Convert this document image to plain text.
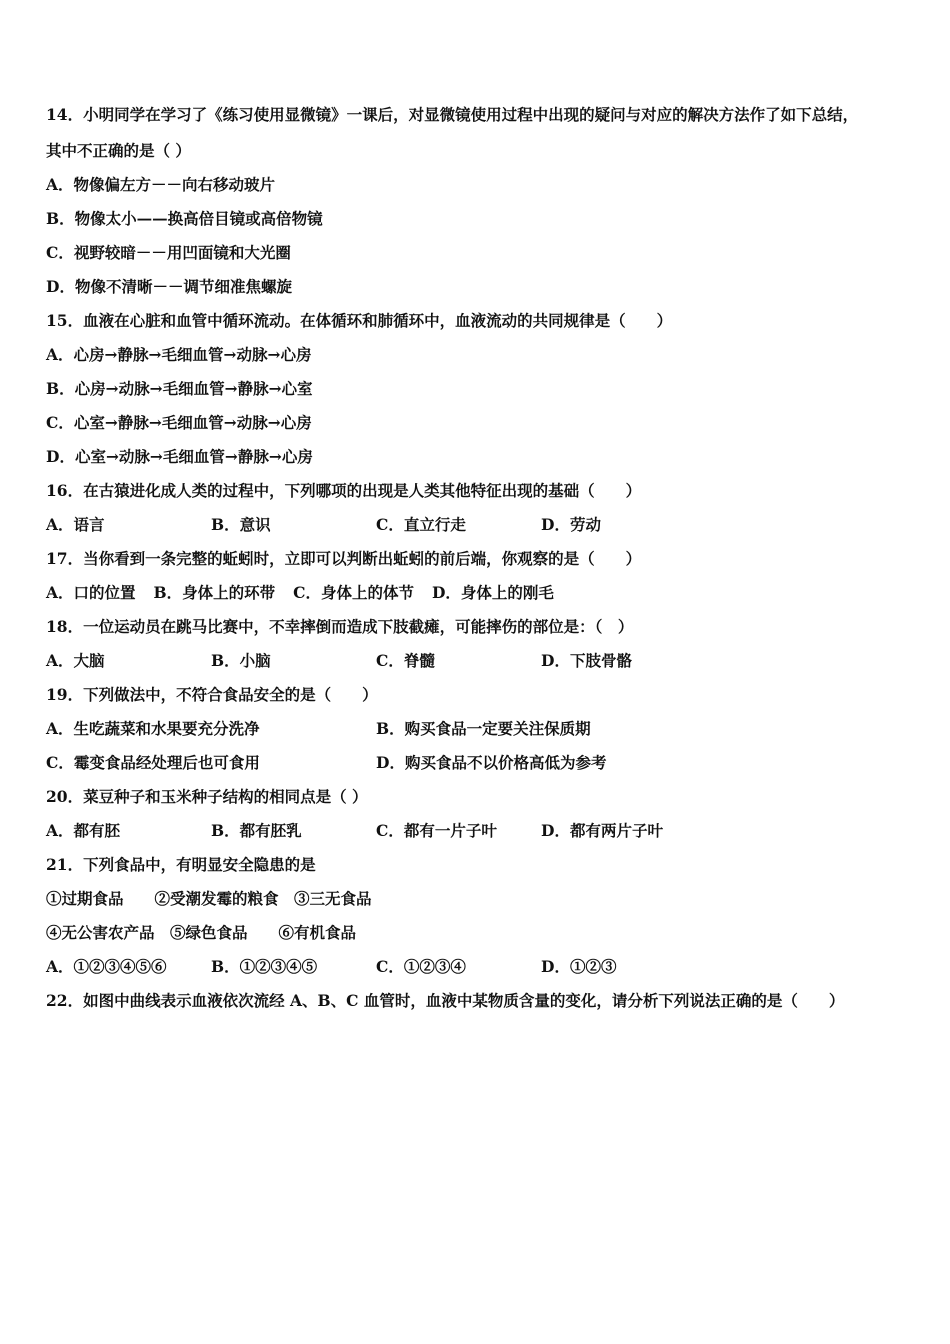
14．小明同学在学习了《练习使用显微镜》一课后，对显微镜使用过程中出现的疑问与对应的解决方法作了如下总结，
其中不正确的是（ ）
A．物像偏左方－－向右移动玻片
B．物像太小——换高倍目镜或高倍物镜
C．视野较暗－－用凹面镜和大光圈
D．物像不清晰－－调节细准焦螺旋
15．血液在心脏和血管中循环流动。在体循环和肺循环中，血液流动的共同规律是（　　）
A．心房→静脉→毛细血管→动脉→心房
B．心房→动脉→毛细血管→静脉→心室
C．心室→静脉→毛细血管→动脉→心房
D．心室→动脉→毛细血管→静脉→心房
16．在古猿进化成人类的过程中，下列哪项的出现是人类其他特征出现的基础（　　）
A．语言	B．意识	C．直立行走	D．劳动
17．当你看到一条完整的蚯蚓时，立即可以判断出蚯蚓的前后端，你观察的是（　　）
A．口的位置 B．身体上的环带 C．身体上的体节 D．身体上的刚毛
18．一位运动员在跳马比赛中，不幸摔倒而造成下肢截瘫，可能摔伤的部位是：（　）
A．大脑	B．小脑	C．脊髓	D．下肢骨骼
19．下列做法中，不符合食品安全的是（　　）
A．生吃蔬菜和水果要充分洗净	B．购买食品一定要关注保质期
C．霉变食品经处理后也可食用	D．购买食品不以价格高低为参考
20．菜豆种子和玉米种子结构的相同点是（ ）
A．都有胚	B．都有胚乳	C．都有一片子叶	D．都有两片子叶
21．下列食品中，有明显安全隐患的是
①过期食品　　②受潮发霉的粮食　③三无食品
④无公害农产品　⑤绿色食品　　⑥有机食品
A．①②③④⑤⑥	B．①②③④⑤	C．①②③④	D．①②③
22．如图中曲线表示血液依次流经 A、B、C 血管时，血液中某物质含量的变化，请分析下列说法正确的是（　　）
